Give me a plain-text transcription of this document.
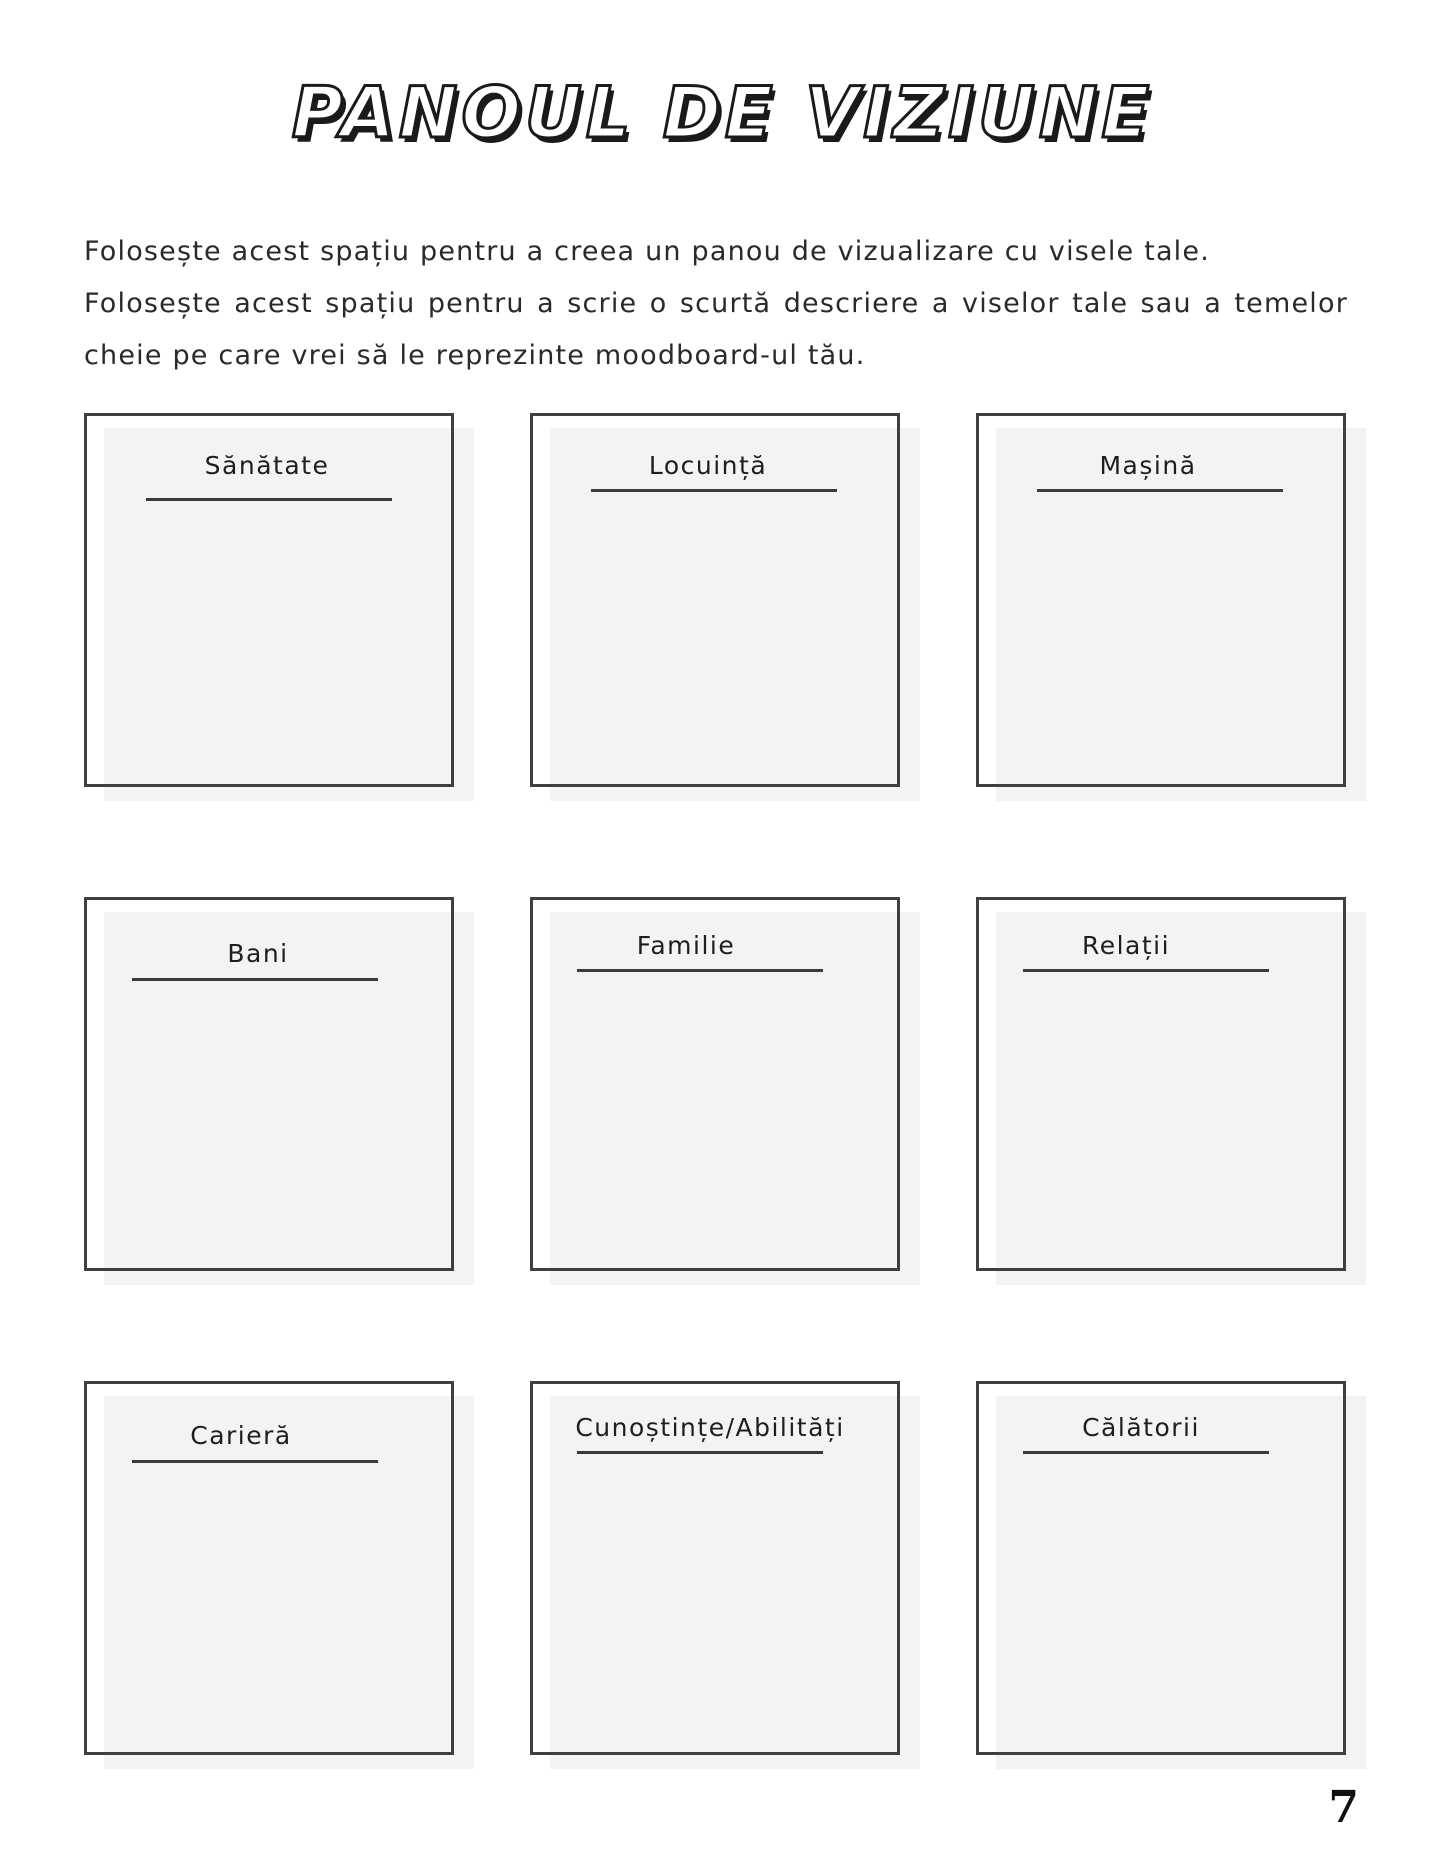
PANOUL DE VIZIUNE

Folosește acest spațiu pentru a creea un panou de vizualizare cu visele tale.

Folosește acest spațiu pentru a scrie o scurtă descriere a viselor tale sau a temelor cheie pe care vrei să le reprezinte moodboard-ul tău.

Sănătate	Locuință	Mașină
Bani	Familie	Relații
Carieră	Cunoștințe/Abilități	Călătorii
7
